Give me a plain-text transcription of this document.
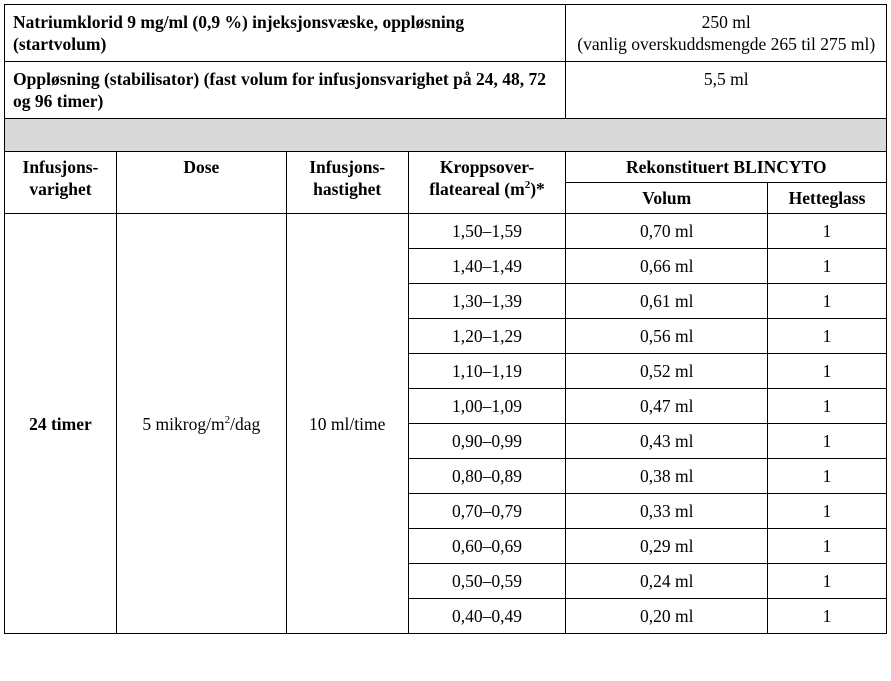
Natriumklorid 9 mg/ml (0,9 %) injeksjonsvæske, oppløsning (startvolum)				250 ml
(vanlig overskuddsmengde 265 til 275 ml)	

Oppløsning (stabilisator) (fast volum for infusjonsvarighet på 24, 48, 72 og 96 timer)				5,5 ml	

Infusjons-varighet	Dose	Infusjons-hastighet	Kroppsover-flateareal $(m^2)*$	Rekonstituert BLINCYTO	
				Volum	Hetteglass
24 timer	5 mikrog/$m^2$/dag	10 ml/time	1,50–1,59	0,70 ml	1
			1,40–1,49	0,66 ml	1
			1,30–1,39	0,61 ml	1
			1,20–1,29	0,56 ml	1
			1,10–1,19	0,52 ml	1
			1,00–1,09	0,47 ml	1
			0,90–0,99	0,43 ml	1
			0,80–0,89	0,38 ml	1
			0,70–0,79	0,33 ml	1
			0,60–0,69	0,29 ml	1
			0,50–0,59	0,24 ml	1
			0,40–0,49	0,20 ml	1
